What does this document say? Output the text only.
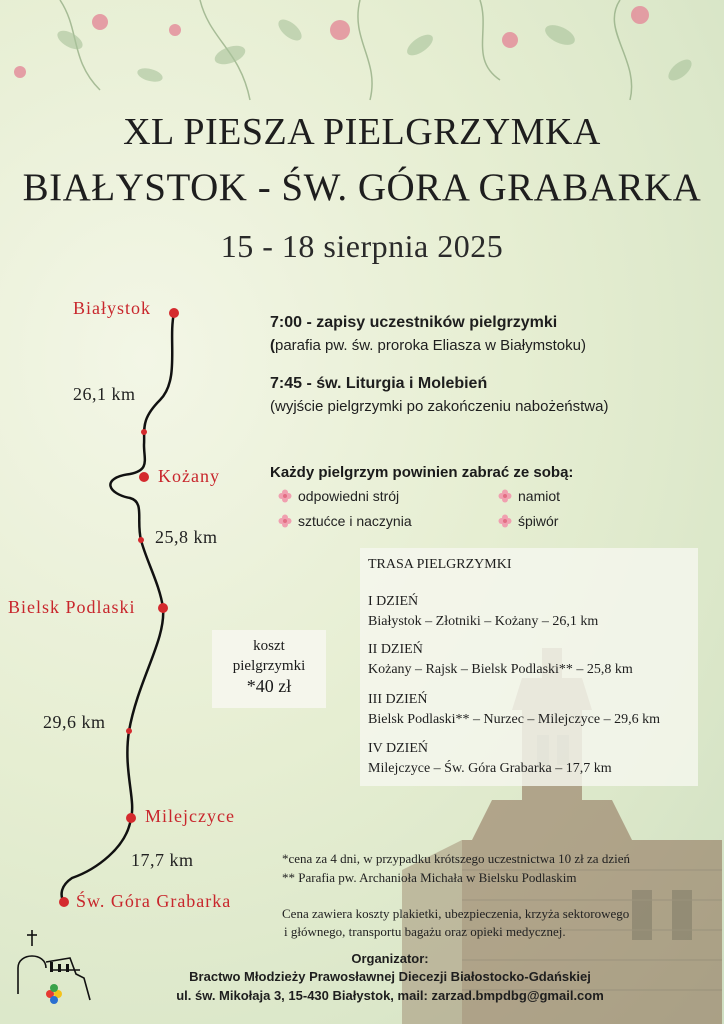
XL PIESZA PIELGRZYMKA
BIAŁYSTOK - ŚW. GÓRA GRABARKA
15 - 18 sierpnia 2025
Białystok
Kożany
Bielsk Podlaski
Milejczyce
Św. Góra Grabarka
26,1 km
25,8 km
29,6 km
17,7 km
7:00 - zapisy uczestników pielgrzymki
(parafia pw. św. proroka Eliasza w Białymstoku)
7:45 - św. Liturgia i Molebień
(wyjście pielgrzymki po zakończeniu nabożeństwa)
Każdy pielgrzym powinien zabrać ze sobą:
odpowiedni strój	namiot
sztućce i naczynia	śpiwór
TRASA PIELGRZYMKI
I DZIEŃ
Białystok – Złotniki – Kożany – 26,1 km
II DZIEŃ
Kożany – Rajsk – Bielsk Podlaski** – 25,8 km
III DZIEŃ
Bielsk Podlaski** – Nurzec – Milejczyce – 29,6 km
IV DZIEŃ
Milejczyce – Św. Góra Grabarka – 17,7 km
koszt
pielgrzymki
*40 zł
*cena za 4 dni, w przypadku krótszego uczestnictwa 10 zł za dzień
** Parafia pw. Archanioła Michała w Bielsku Podlaskim
Cena zawiera koszty plakietki, ubezpieczenia, krzyża sektorowego
i głównego, transportu bagażu oraz opieki medycznej.
Organizator:
Bractwo Młodzieży Prawosławnej Diecezji Białostocko-Gdańskiej
ul. św. Mikołaja 3, 15-430 Białystok, mail: zarzad.bmpdbg@gmail.com
